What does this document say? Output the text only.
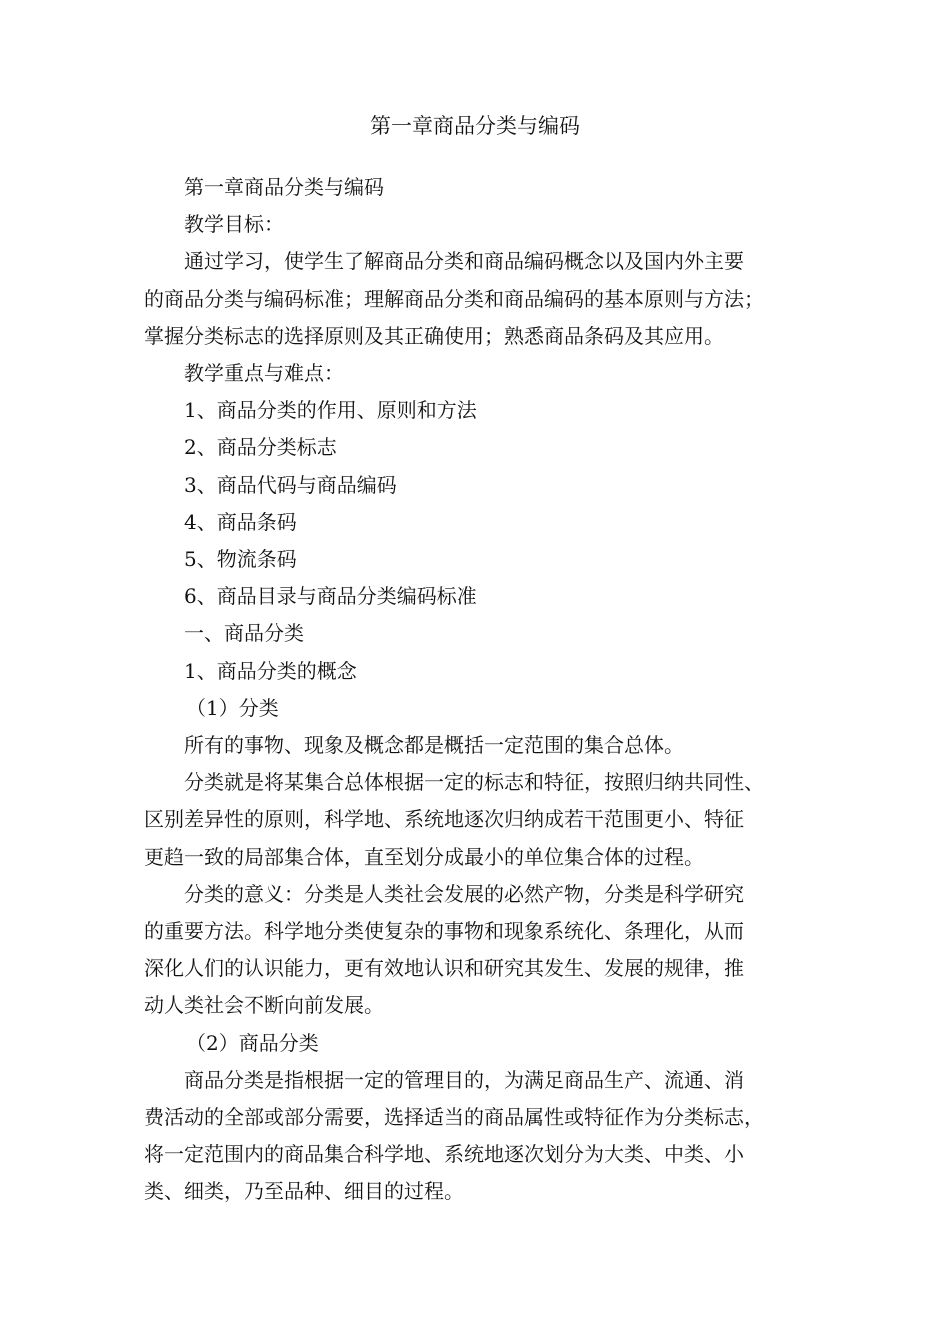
第一章商品分类与编码

第一章商品分类与编码

教学目标：

通过学习，使学生了解商品分类和商品编码概念以及国内外主要
的商品分类与编码标准；理解商品分类和商品编码的基本原则与方法；
掌握分类标志的选择原则及其正确使用；熟悉商品条码及其应用。

教学重点与难点：

1、商品分类的作用、原则和方法

2、商品分类标志

3、商品代码与商品编码

4、商品条码

5、物流条码

6、商品目录与商品分类编码标准

一、商品分类

1、商品分类的概念

（1）分类

所有的事物、现象及概念都是概括一定范围的集合总体。

分类就是将某集合总体根据一定的标志和特征，按照归纳共同性、
区别差异性的原则，科学地、系统地逐次归纳成若干范围更小、特征
更趋一致的局部集合体，直至划分成最小的单位集合体的过程。

分类的意义：分类是人类社会发展的必然产物，分类是科学研究
的重要方法。科学地分类使复杂的事物和现象系统化、条理化，从而
深化人们的认识能力，更有效地认识和研究其发生、发展的规律，推
动人类社会不断向前发展。

（2）商品分类

商品分类是指根据一定的管理目的，为满足商品生产、流通、消
费活动的全部或部分需要，选择适当的商品属性或特征作为分类标志，
将一定范围内的商品集合科学地、系统地逐次划分为大类、中类、小
类、细类，乃至品种、细目的过程。
